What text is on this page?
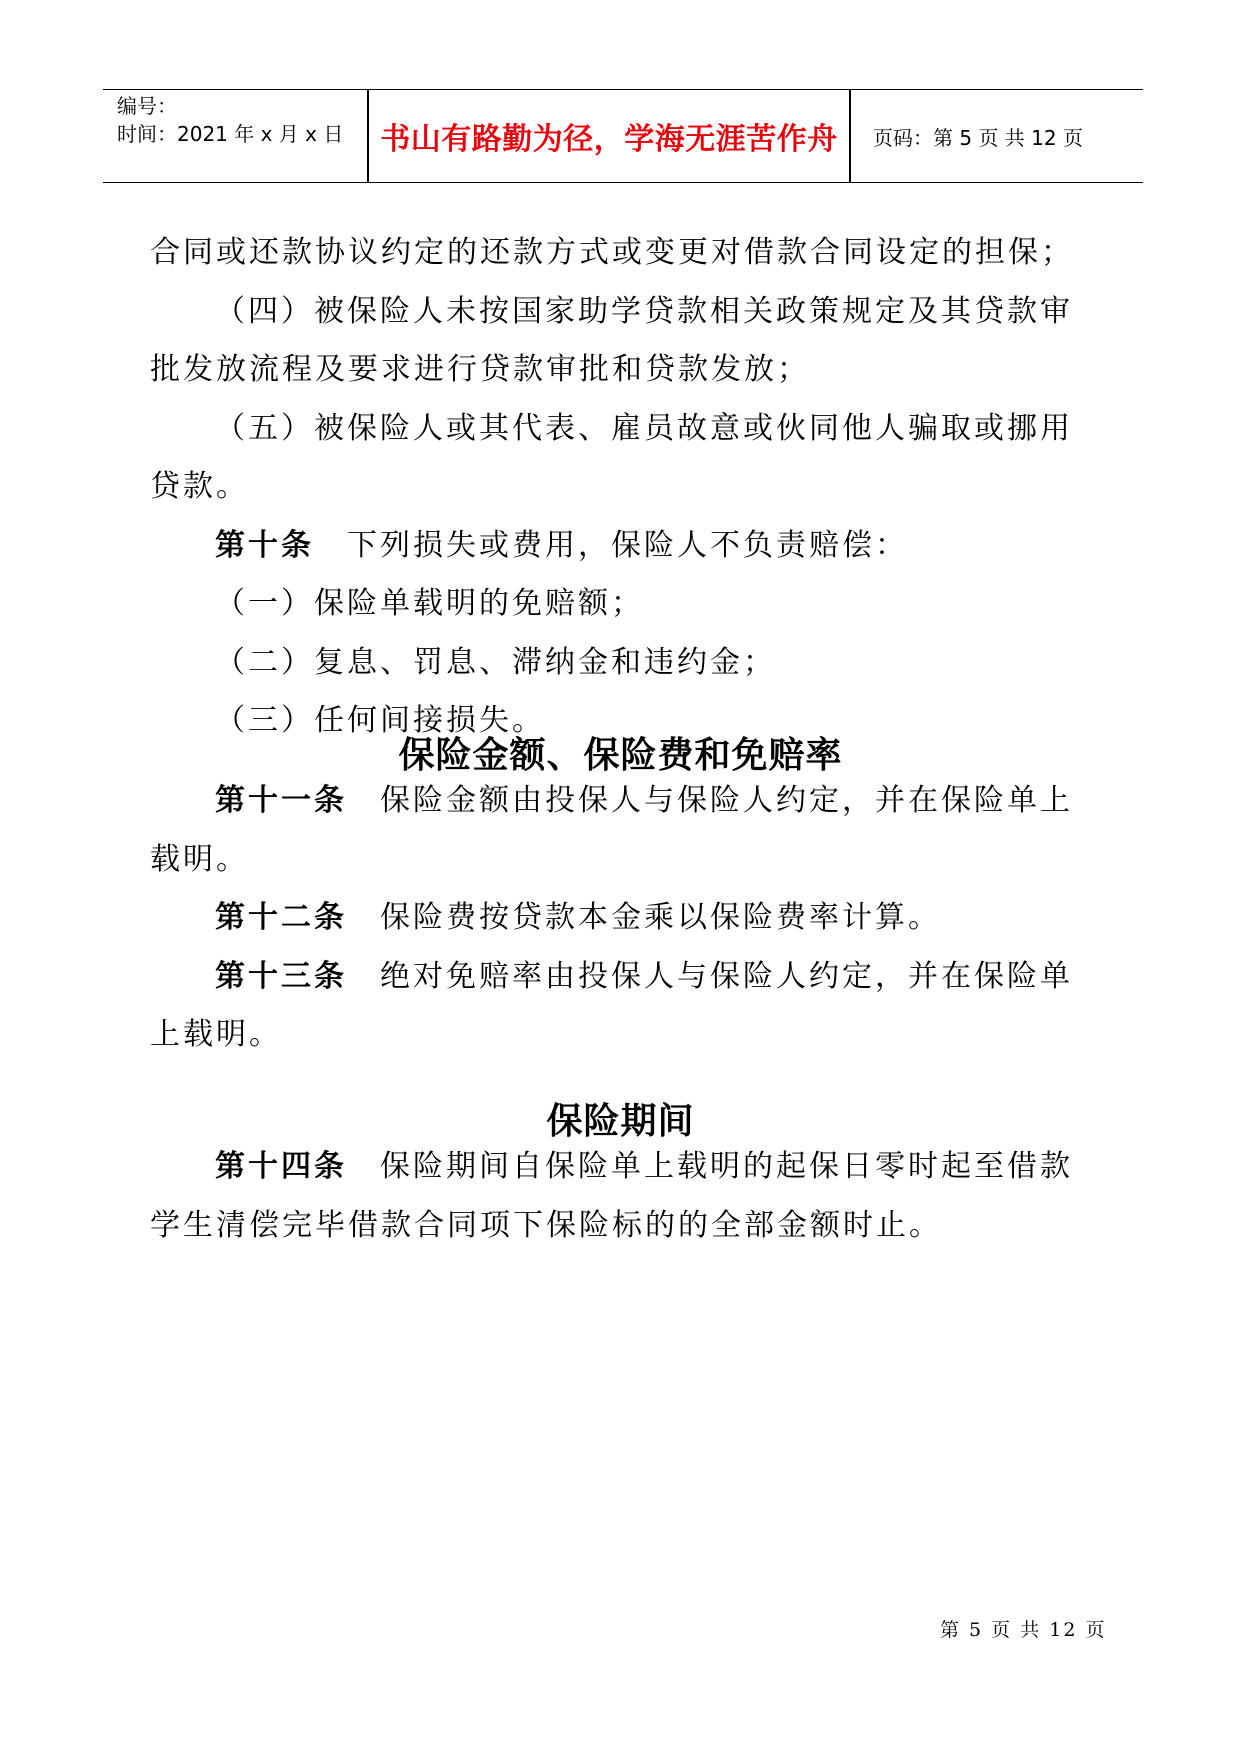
编号：
时间：2021 年 x 月 x 日	书山有路勤为径，学海无涯苦作舟	页码：第 5 页 共 12 页

合同或还款协议约定的还款方式或变更对借款合同设定的担保；

（四）被保险人未按国家助学贷款相关政策规定及其贷款审

批发放流程及要求进行贷款审批和贷款发放；

（五）被保险人或其代表、雇员故意或伙同他人骗取或挪用

贷款。

第十条　 下列损失或费用，保险人不负责赔偿：

（一）保险单载明的免赔额；

（二）复息、罚息、滞纳金和违约金；

（三）任何间接损失。

保险金额、保险费和免赔率

第十一条　 保险金额由投保人与保险人约定，并在保险单上

载明。

第十二条　 保险费按贷款本金乘以保险费率计算。

第十三条　 绝对免赔率由投保人与保险人约定，并在保险单

上载明。

保险期间

第十四条　 保险期间自保险单上载明的起保日零时起至借款

学生清偿完毕借款合同项下保险标的的全部金额时止。

第 5 页 共 12 页
